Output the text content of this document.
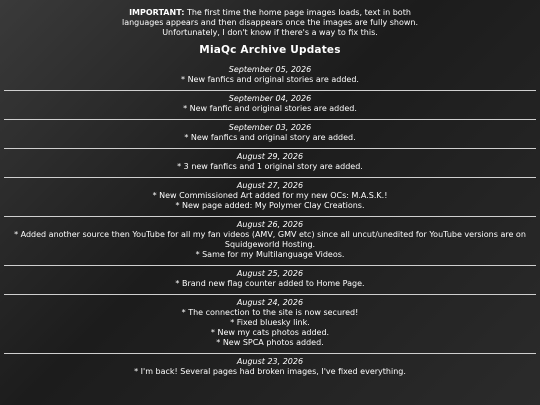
IMPORTANT: The first time the home page images loads, text in both languages appears and then disappears once the images are fully shown. Unfortunately, I don't know if there's a way to fix this.
MiaQc Archive Updates
September 05, 2026
* New fanfics and original stories are added.
September 04, 2026
* New fanfic and original stories are added.
September 03, 2026
* New fanfics and original story are added.
August 29, 2026
* 3 new fanfics and 1 original story are added.
August 27, 2026
* New Commissioned Art added for my new OCs: M.A.S.K.!
* New page added: My Polymer Clay Creations.
August 26, 2026
* Added another source then YouTube for all my fan videos (AMV, GMV etc) since all uncut/unedited for YouTube versions are on Squidgeworld Hosting.
* Same for my Multilanguage Videos.
August 25, 2026
* Brand new flag counter added to Home Page.
August 24, 2026
* The connection to the site is now secured!
* Fixed bluesky link.
* New my cats photos added.
* New SPCA photos added.
August 23, 2026
* I'm back! Several pages had broken images, I've fixed everything.
